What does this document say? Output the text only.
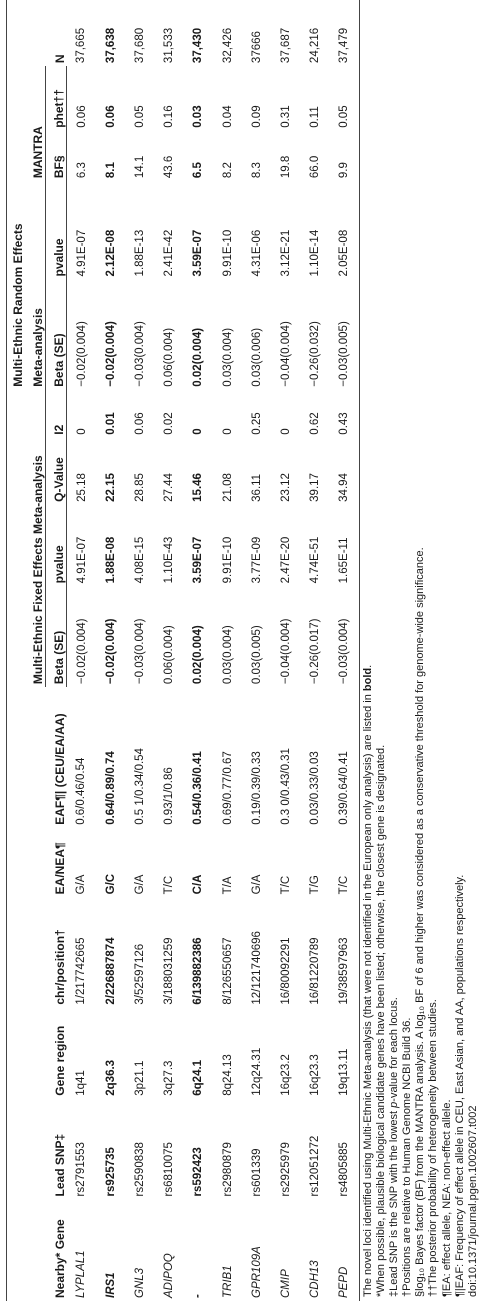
										Multi-Ethnic Random Effects				
Nearby* Gene	Lead SNP‡	Gene region	chr/position†	EA/NEA¶	EAF¶| (CEU/EA/AA)	Multi-Ethnic Fixed Effects Meta-analysis				Meta-analysis		MANTRA		N
						Beta (SE)	pvalue	Q-Value	I2	Beta (SE)	pvalue	BF§	phet††	
LYPLAL1	rs2791553	1q41	1/217742665	G/A	0.6/0.46/0.54	−0.02(0.004)	4.91E-07	25.18	0	−0.02(0.004)	4.91E-07	6.3	0.06	37,665
IRS1	rs925735	2q36.3	2/226887874	G/C	0.64/0.89/0.74	−0.02(0.004)	1.88E-08	22.15	0.01	−0.02(0.004)	2.12E-08	8.1	0.06	37,638
GNL3	rs2590838	3p21.1	3/52597126	G/A	0.5 1/0.34/0.54	−0.03(0.004)	4.08E-15	28.85	0.06	−0.03(0.004)	1.88E-13	14.1	0.05	37,680
ADIPOQ	rs6810075	3q27.3	3/188031259	T/C	0.93/1/0.86	0.06(0.004)	1.10E-43	27.44	0.02	0.06(0.004)	2.41E-42	43.6	0.16	31,533
-	rs592423	6q24.1	6/139882386	C/A	0.54/0.36/0.41	0.02(0.004)	3.59E-07	15.46	0	0.02(0.004)	3.59E-07	6.5	0.03	37,430
TRIB1	rs2980879	8q24.13	8/126550657	T/A	0.69/0.77/0.67	0.03(0.004)	9.91E-10	21.08	0	0.03(0.004)	9.91E-10	8.2	0.04	32,426
GPR109A	rs601339	12q24.31	12/121740696	G/A	0.19/0.39/0.33	0.03(0.005)	3.77E-09	36.11	0.25	0.03(0.006)	4.31E-06	8.3	0.09	37666
CMIP	rs2925979	16q23.2	16/80092291	T/C	0.3 0/0.43/0.31	−0.04(0.004)	2.47E-20	23.12	0	−0.04(0.004)	3.12E-21	19.8	0.31	37,687
CDH13	rs12051272	16q23.3	16/81220789	T/G	0.03/0.33/0.03	−0.26(0.017)	4.74E-51	39.17	0.62	−0.26(0.032)	1.10E-14	66.0	0.11	24,216
PEPD	rs4805885	19q13.11	19/38597963	T/C	0.39/0.64/0.41	−0.03(0.004)	1.65E-11	34.94	0.43	−0.03(0.005)	2.05E-08	9.9	0.05	37,479
The novel loci identified using Multi-Ethnic Meta-analysis (that were not identified in the European only analysis) are listed in bold.
*When possible, plausible biological candidate genes have been listed; otherwise, the closest gene is designated. ‡Lead SNP is the SNP with the lowest p-value for each locus. †Positions are relative to Human Genome NCBI Build 36. §log₁₀ Bayes factor (BF) from the MANTRA analysis. A log₁₀ BF of 6 and higher was considered as a conservative threshold for genome-wide significance. ††The posterior probability of heterogeneity between studies. ¶EA: effect allele, NEA: non-effect allele. ¶|EAF: Frequency of effect allele in CEU, East Asian, and AA, populations respectively. doi:10.1371/journal.pgen.1002607.t002
